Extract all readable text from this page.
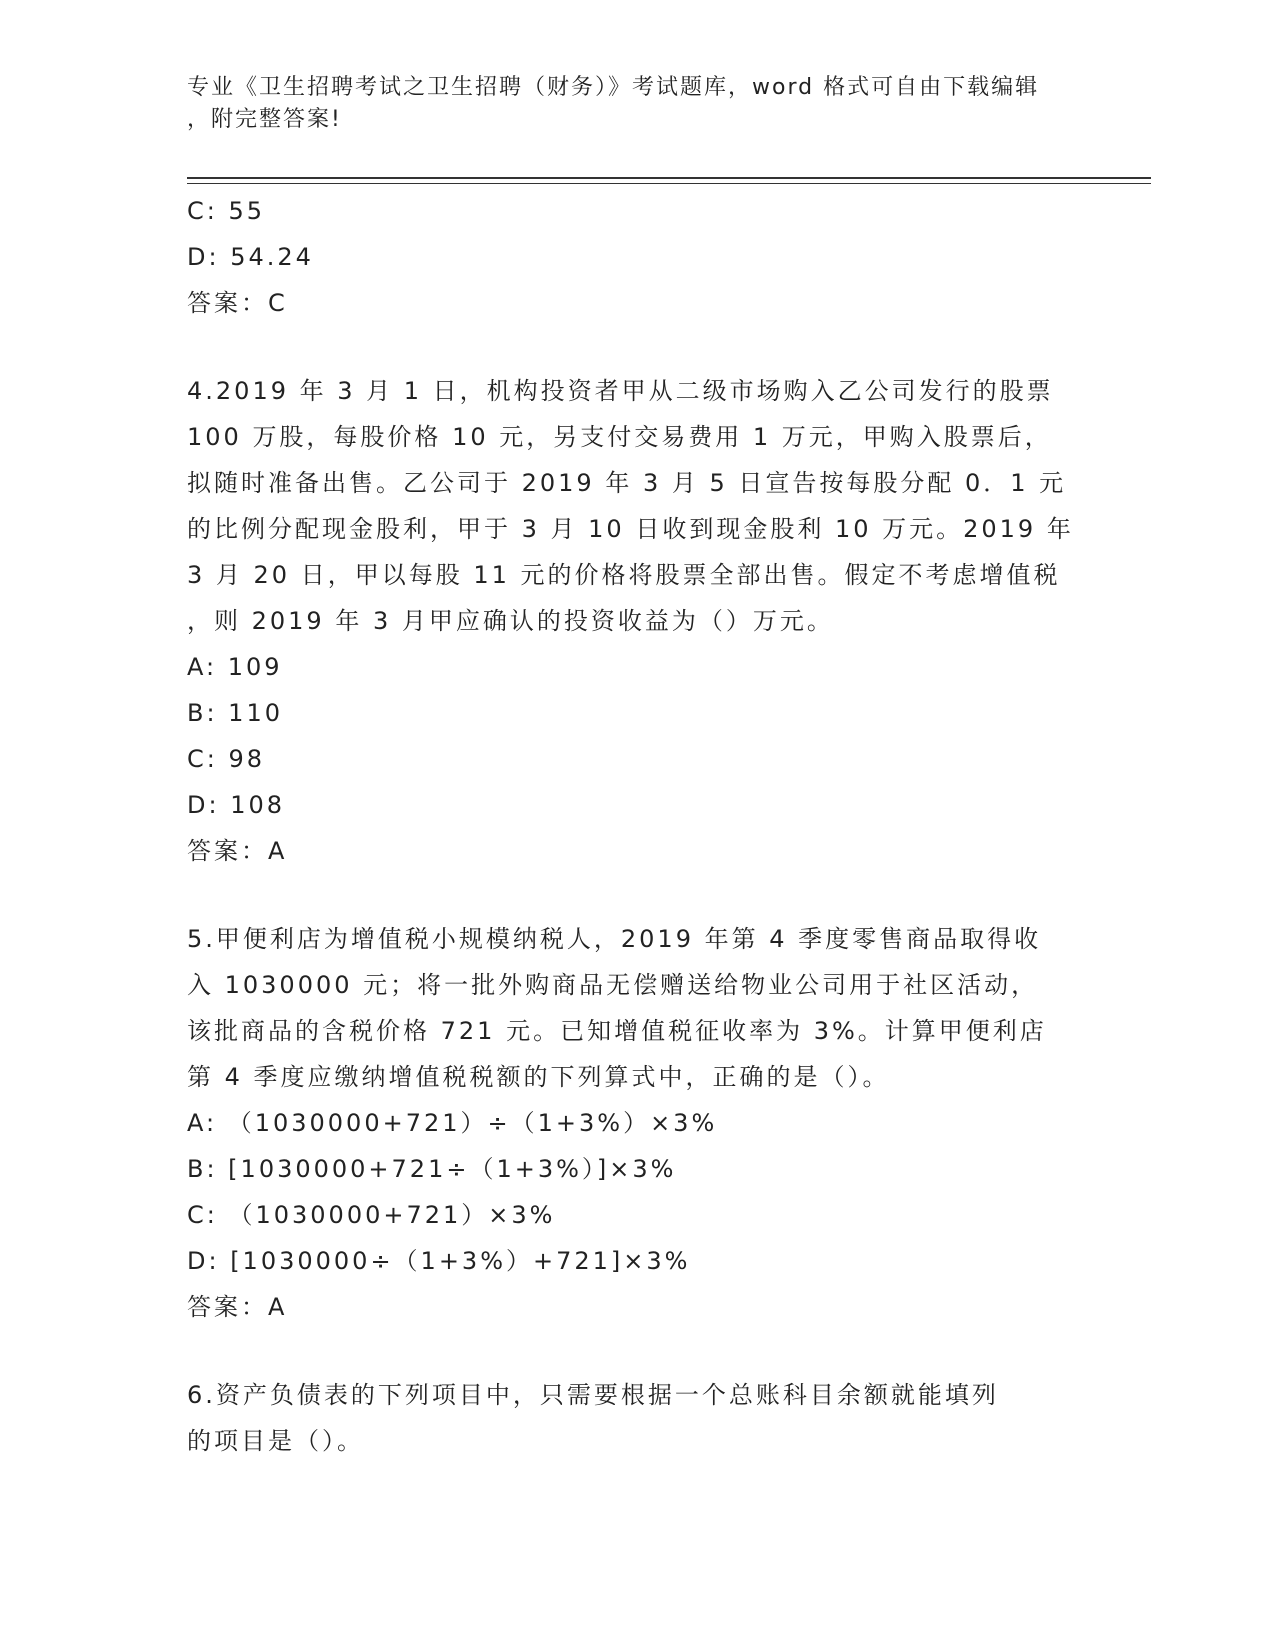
专业《卫生招聘考试之卫生招聘（财务）》考试题库，word 格式可自由下载编辑
，附完整答案!
C: 55
D: 54.24
答案：C
4.2019 年 3 月 1 日，机构投资者甲从二级市场购入乙公司发行的股票
100 万股，每股价格 10 元，另支付交易费用 1 万元，甲购入股票后，
拟随时准备出售。乙公司于 2019 年 3 月 5 日宣告按每股分配 0．1 元
的比例分配现金股利，甲于 3 月 10 日收到现金股利 10 万元。2019 年
3 月 20 日，甲以每股 11 元的价格将股票全部出售。假定不考虑增值税
，则 2019 年 3 月甲应确认的投资收益为（）万元。
A: 109
B: 110
C: 98
D: 108
答案：A
5.甲便利店为增值税小规模纳税人，2019 年第 4 季度零售商品取得收
入 1030000 元；将一批外购商品无偿赠送给物业公司用于社区活动，
该批商品的含税价格 721 元。已知增值税征收率为 3%。计算甲便利店
第 4 季度应缴纳增值税税额的下列算式中，正确的是（）。
A: （1030000+721）÷（1+3%）×3%
B: [1030000+721÷（1+3%）]×3%
C: （1030000+721）×3%
D: [1030000÷（1+3%）+721]×3%
答案：A
6.资产负债表的下列项目中，只需要根据一个总账科目余额就能填列
的项目是（）。
